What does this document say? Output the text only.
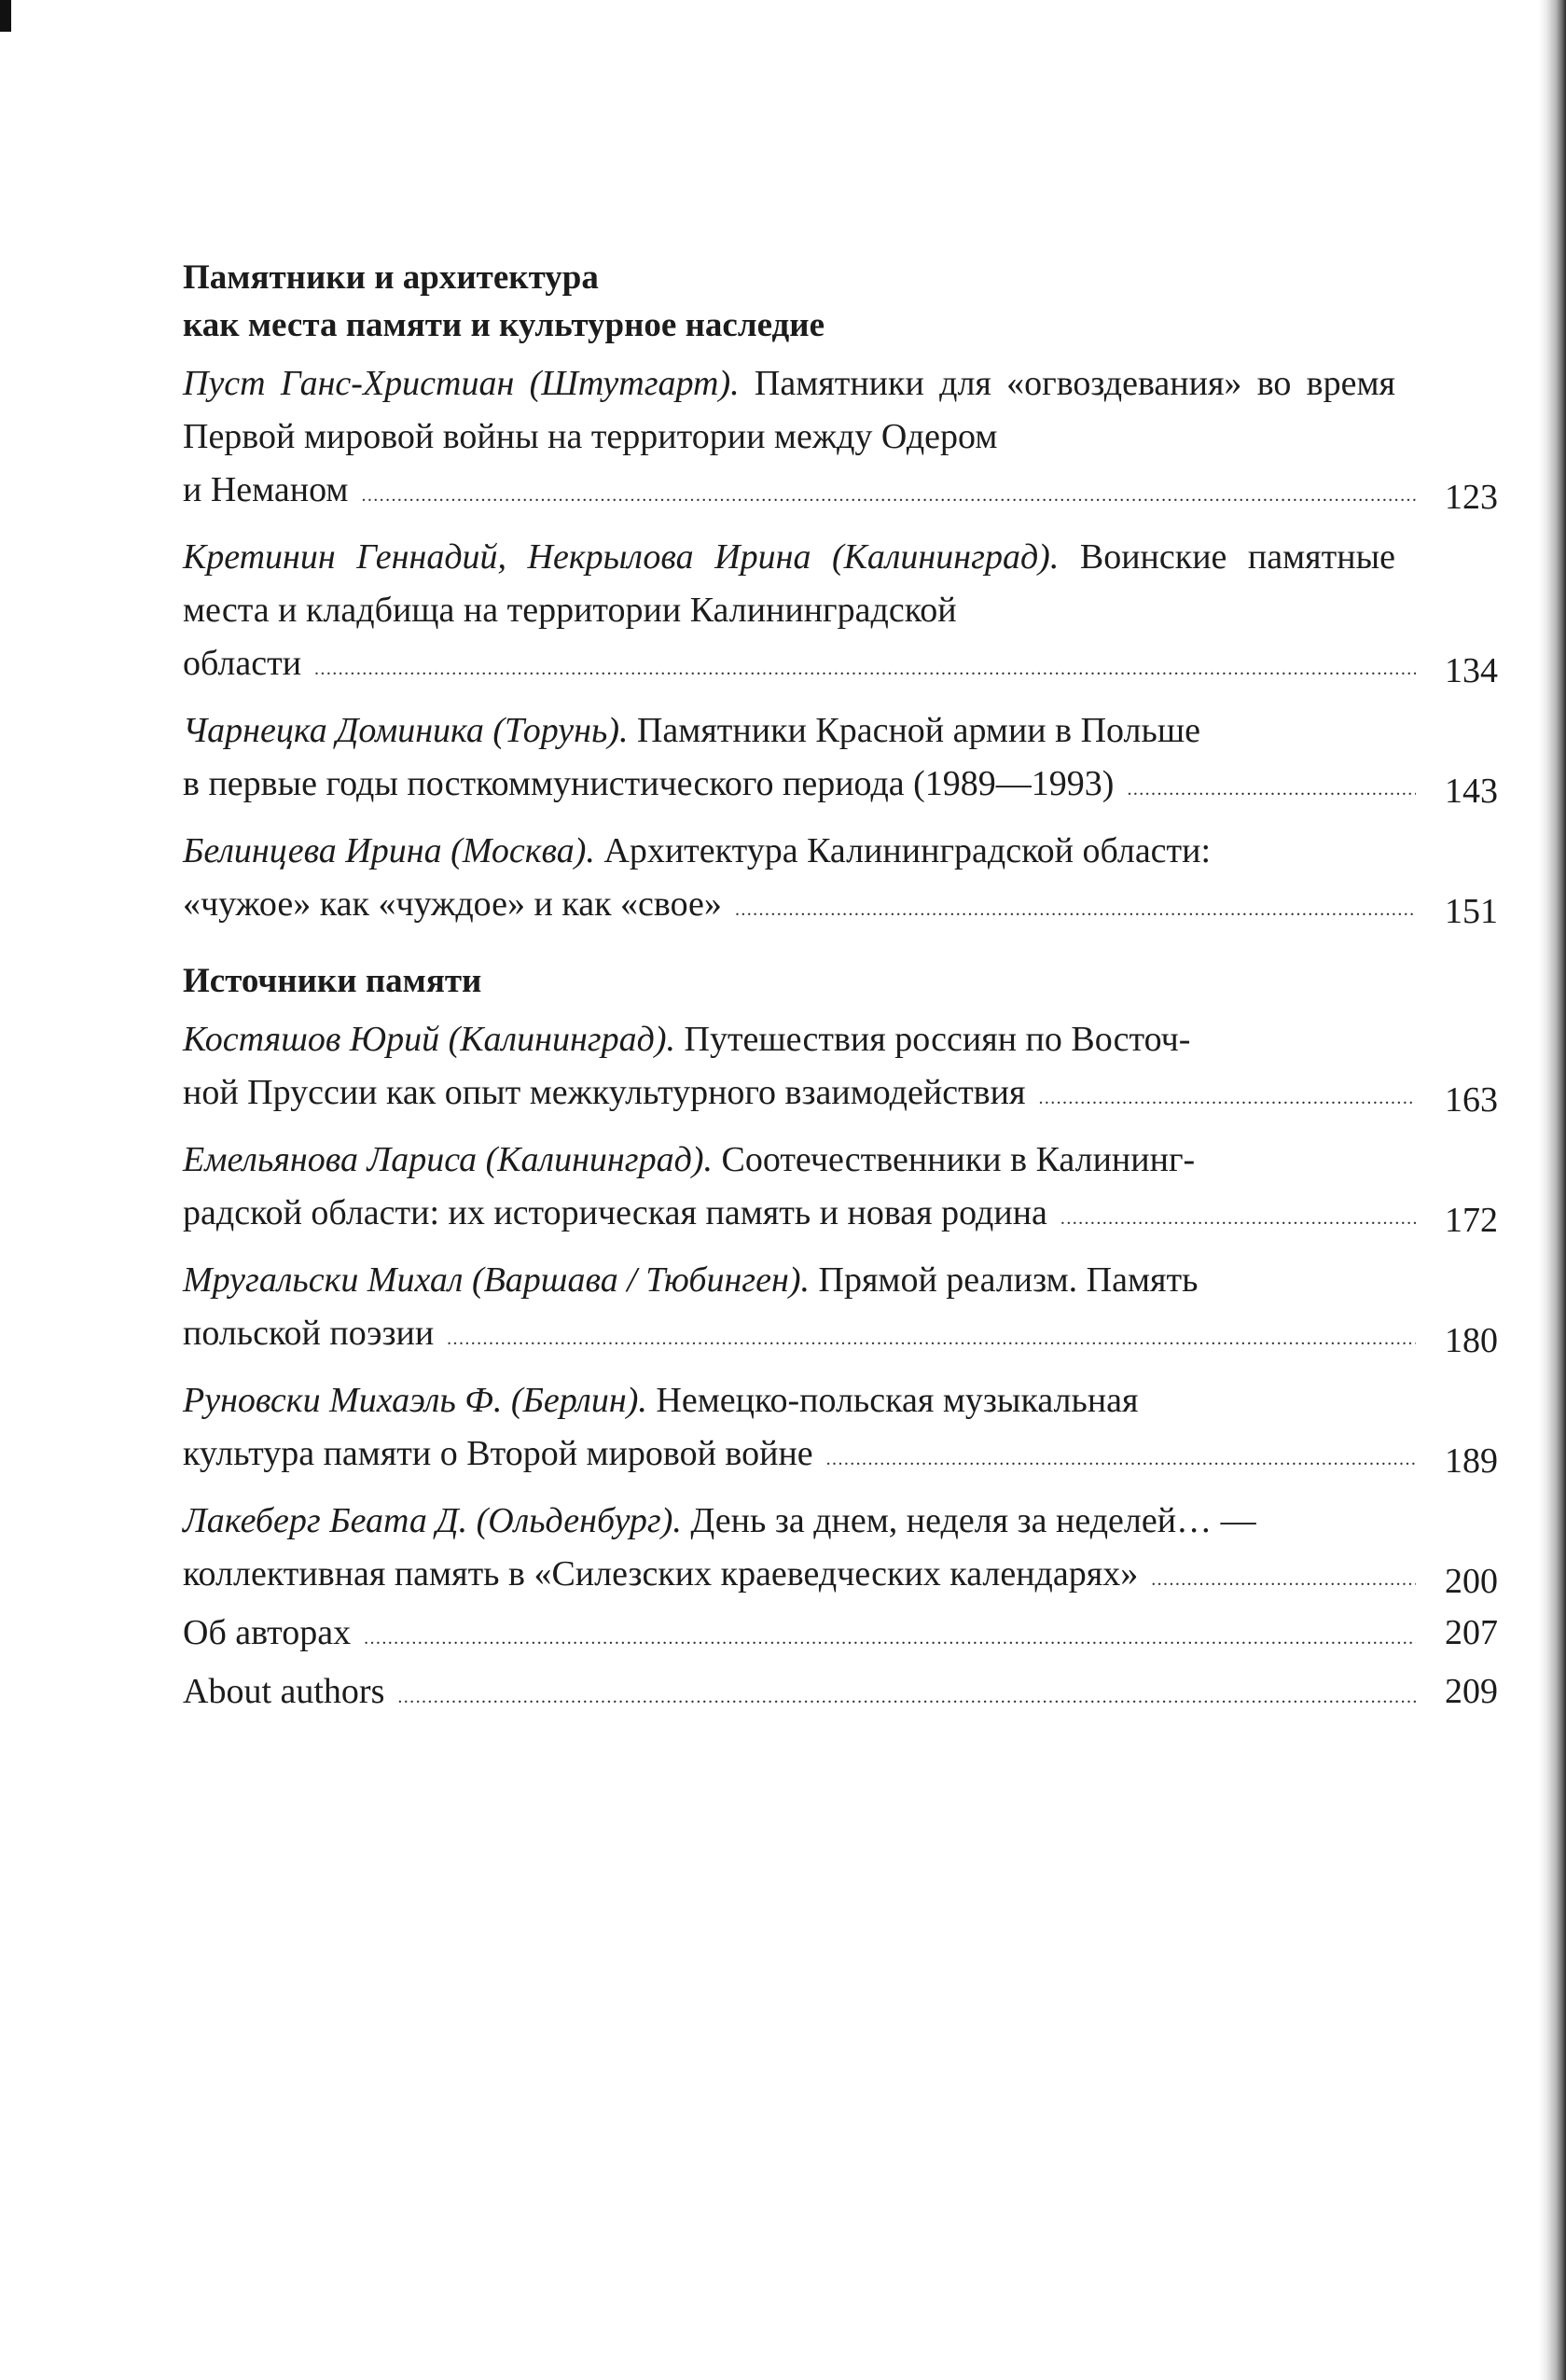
Памятники и архитектура
как места памяти и культурное наследие

Пуст Ганс-Христиан (Штутгарт). Памятники для «огвоздевания» во время Первой мировой войны на территории между Одером

и Неманом .....	123

Кретинин Геннадий, Некрылова Ирина (Калининград). Воинские памятные места и кладбища на территории Калининградской

области .....	134

Чарнецка Доминика (Торунь). Памятники Красной армии в Польше

в первые годы посткоммунистического периода (1989—1993) .....	143

Белинцева Ирина (Москва). Архитектура Калининградской области:

«чужое» как «чуждое» и как «свое» .....	151
Источники памяти

Костяшов Юрий (Калининград). Путешествия россиян по Восточ-

ной Пруссии как опыт межкультурного взаимодействия .....	163

Емельянова Лариса (Калининград). Соотечественники в Калининг-

радской области: их историческая память и новая родина .....	172

Мругальски Михал (Варшава / Тюбинген). Прямой реализм. Память

польской поэзии .....	180

Руновски Михаэль Ф. (Берлин). Немецко-польская музыкальная

культура памяти о Второй мировой войне .....	189

Лакеберг Беата Д. (Ольденбург). День за днем, неделя за неделей… —

коллективная память в «Силезских краеведческих календарях» .....	200
Об авторах .....	207
About authors .....	209
